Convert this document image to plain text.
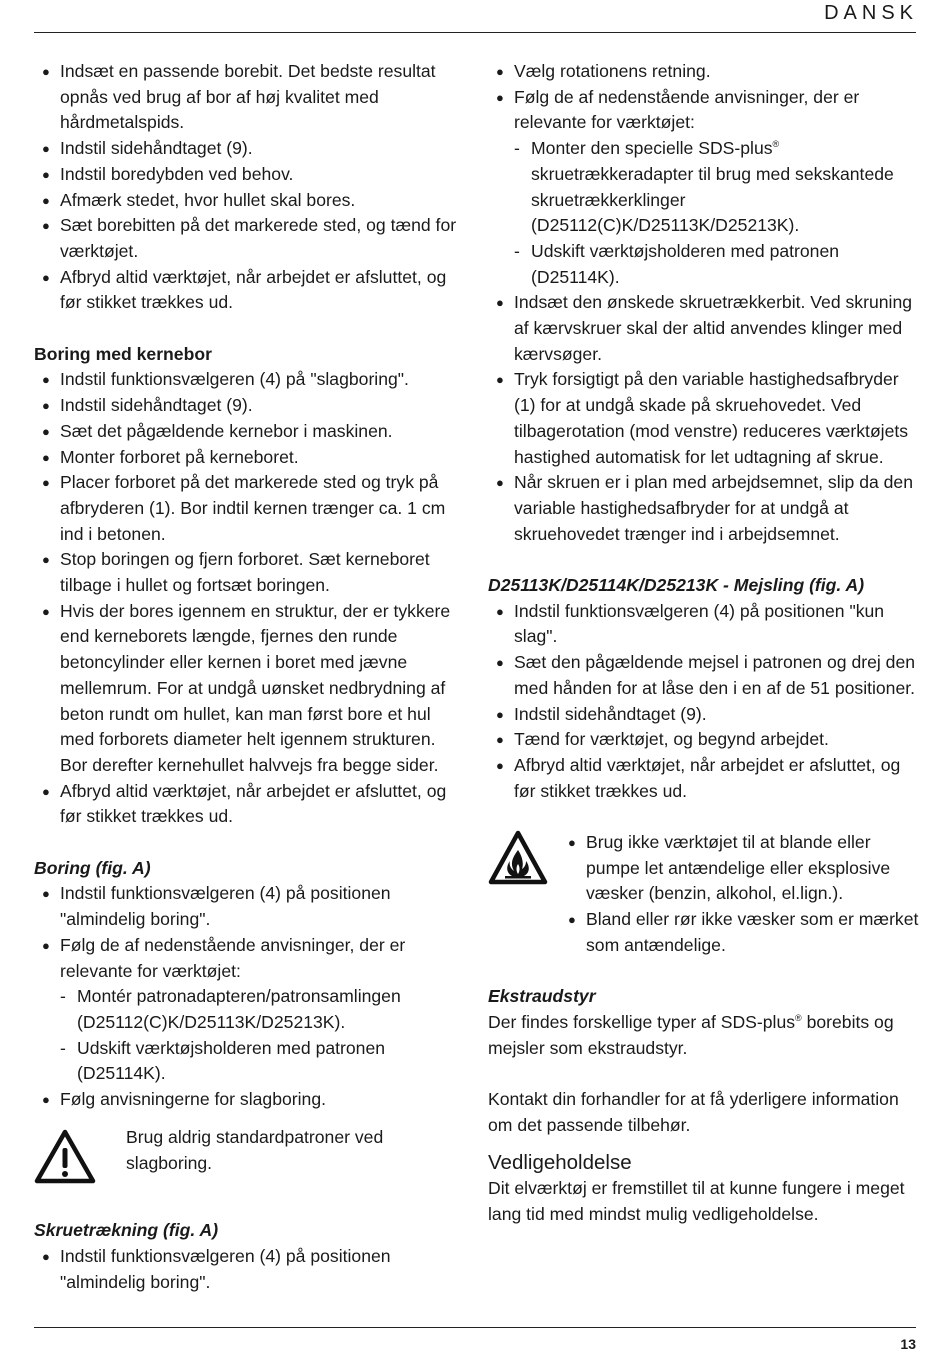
DANSK
● Indsæt en passende borebit. Det bedste resultat opnås ved brug af bor af høj kvalitet med hårdmetalspids.
● Indstil sidehåndtaget (9).
● Indstil boredybden ved behov.
● Afmærk stedet, hvor hullet skal bores.
● Sæt borebitten på det markerede sted, og tænd for værktøjet.
● Afbryd altid værktøjet, når arbejdet er afsluttet, og før stikket trækkes ud.
Boring med kernebor
● Indstil funktionsvælgeren (4) på "slagboring".
● Indstil sidehåndtaget (9).
● Sæt det pågældende kernebor i maskinen.
● Monter forboret på kerneboret.
● Placer forboret på det markerede sted og tryk på afbryderen (1). Bor indtil kernen trænger ca. 1 cm ind i betonen.
● Stop boringen og fjern forboret. Sæt kerneboret tilbage i hullet og fortsæt boringen.
● Hvis der bores igennem en struktur, der er tykkere end kerneborets længde, fjernes den runde betoncylinder eller kernen i boret med jævne mellemrum. For at undgå uønsket nedbrydning af beton rundt om hullet, kan man først bore et hul med forborets diameter helt igennem strukturen. Bor derefter kernehullet halvvejs fra begge sider.
● Afbryd altid værktøjet, når arbejdet er afsluttet, og før stikket trækkes ud.
Boring (fig. A)
● Indstil funktionsvælgeren (4) på positionen "almindelig boring".
● Følg de af nedenstående anvisninger, der er relevante for værktøjet:
- Montér patronadapteren/patronsamlingen (D25112(C)K/D25113K/D25213K).
- Udskift værktøjsholderen med patronen (D25114K).
● Følg anvisningerne for slagboring.
Brug aldrig standardpatroner ved slagboring.
Skruetrækning (fig. A)
● Indstil funktionsvælgeren (4) på positionen "almindelig boring".
● Vælg rotationens retning.
● Følg de af nedenstående anvisninger, der er relevante for værktøjet:
- Monter den specielle SDS-plus® skruetrækkeradapter til brug med sekskantede skruetrækkerklinger (D25112(C)K/D25113K/D25213K).
- Udskift værktøjsholderen med patronen (D25114K).
● Indsæt den ønskede skruetrækkerbit. Ved skruning af kærvskruer skal der altid anvendes klinger med kærvsøger.
● Tryk forsigtigt på den variable hastighedsafbryder (1) for at undgå skade på skruehovedet. Ved tilbagerotation (mod venstre) reduceres værktøjets hastighed automatisk for let udtagning af skrue.
● Når skruen er i plan med arbejdsemnet, slip da den variable hastighedsafbryder for at undgå at skruehovedet trænger ind i arbejdsemnet.
D25113K/D25114K/D25213K - Mejsling (fig. A)
● Indstil funktionsvælgeren (4) på positionen "kun slag".
● Sæt den pågældende mejsel i patronen og drej den med hånden for at låse den i en af de 51 positioner.
● Indstil sidehåndtaget (9).
● Tænd for værktøjet, og begynd arbejdet.
● Afbryd altid værktøjet, når arbejdet er afsluttet, og før stikket trækkes ud.
● Brug ikke værktøjet til at blande eller pumpe let antændelige eller eksplosive væsker (benzin, alkohol, el.lign.).
● Bland eller rør ikke væsker som er mærket som antændelige.
Ekstraudstyr
Der findes forskellige typer af SDS-plus® borebits og mejsler som ekstraudstyr.
Kontakt din forhandler for at få yderligere information om det passende tilbehør.
Vedligeholdelse
Dit elværktøj er fremstillet til at kunne fungere i meget lang tid med mindst mulig vedligeholdelse.
13
